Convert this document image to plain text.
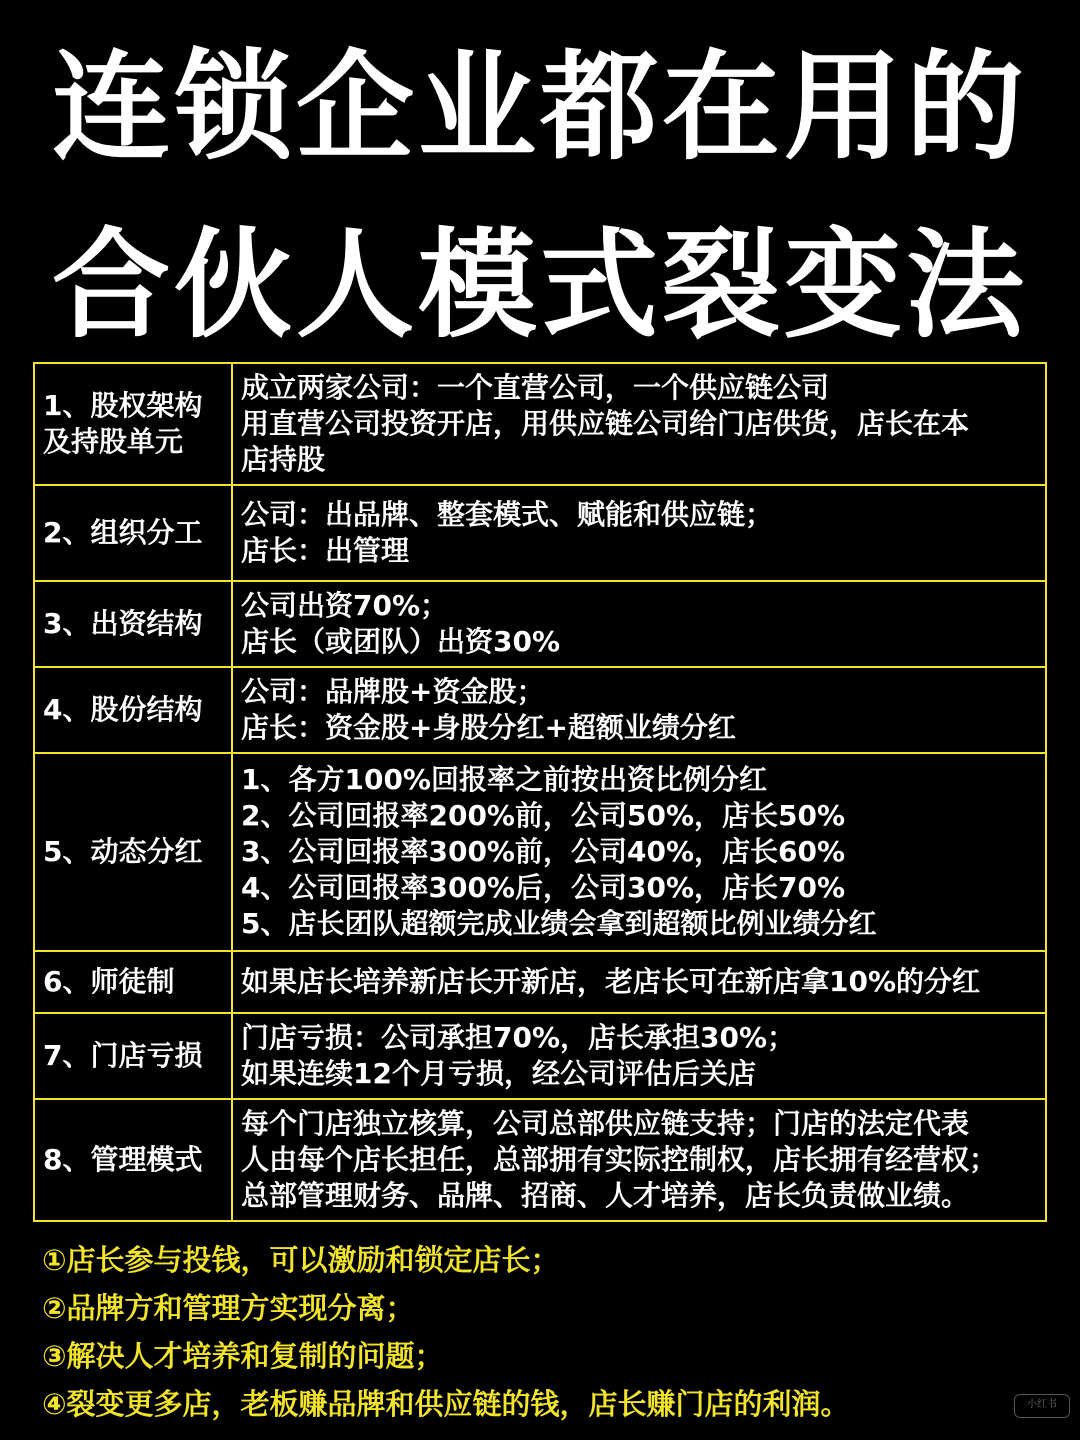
连锁企业都在用的
合伙人模式裂变法
1、股权架构
及持股单元	成立两家公司：一个直营公司，一个供应链公司
用直营公司投资开店，用供应链公司给门店供货，店长在本
店持股

2、组织分工	公司：出品牌、整套模式、赋能和供应链；
店长：出管理

3、出资结构	公司出资70%；
店长（或团队）出资30%

4、股份结构	公司：品牌股+资金股；
店长：资金股+身股分红+超额业绩分红

5、动态分红	1、各方100%回报率之前按出资比例分红
2、公司回报率200%前，公司50%，店长50%
3、公司回报率300%前，公司40%，店长60%
4、公司回报率300%后，公司30%，店长70%
5、店长团队超额完成业绩会拿到超额比例业绩分红

6、师徒制	如果店长培养新店长开新店，老店长可在新店拿10%的分红

7、门店亏损	门店亏损：公司承担70%，店长承担30%；
如果连续12个月亏损，经公司评估后关店

8、管理模式	每个门店独立核算，公司总部供应链支持；门店的法定代表
人由每个店长担任，总部拥有实际控制权，店长拥有经营权；
总部管理财务、品牌、招商、人才培养，店长负责做业绩。
①店长参与投钱，可以激励和锁定店长；
②品牌方和管理方实现分离；
③解决人才培养和复制的问题；
④裂变更多店，老板赚品牌和供应链的钱，店长赚门店的利润。	小红书
